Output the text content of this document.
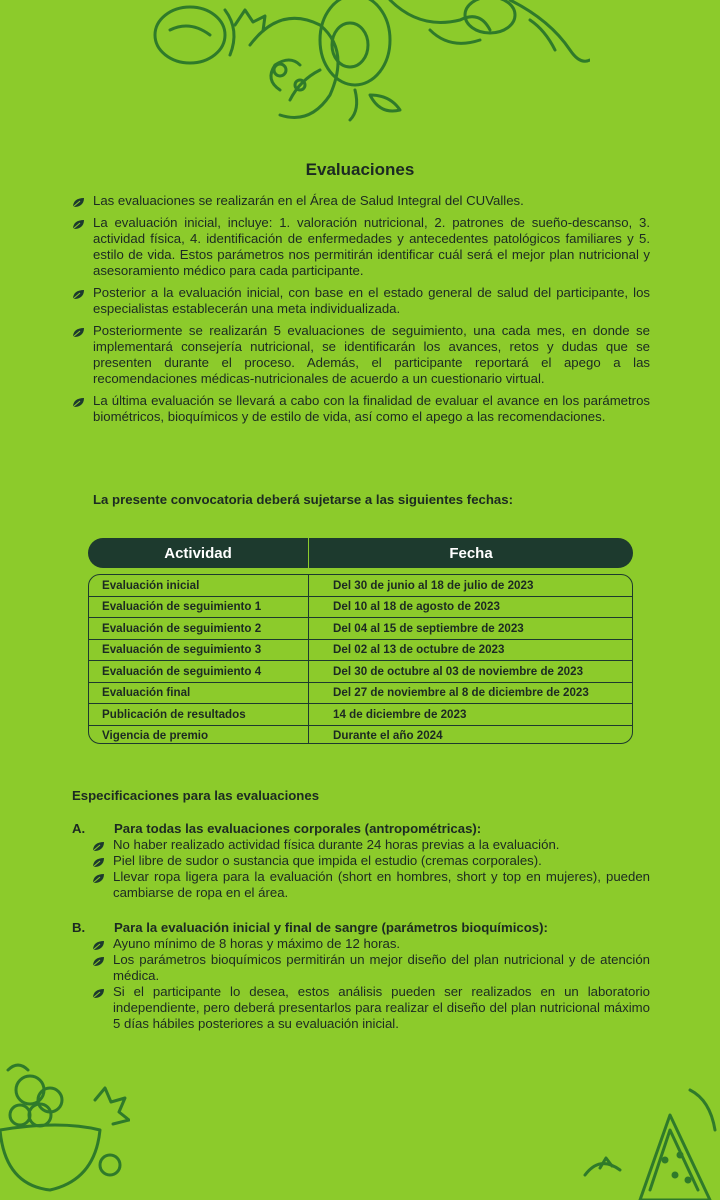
Evaluaciones
Las evaluaciones se realizarán en el Área de Salud Integral del CUValles.
La evaluación inicial, incluye: 1. valoración nutricional, 2. patrones de sueño-descanso, 3. actividad física, 4. identificación de enfermedades y antecedentes patológicos familiares y 5. estilo de vida. Estos parámetros nos permitirán identificar cuál será el mejor plan nutricional y asesoramiento médico para cada participante.
Posterior a la evaluación inicial, con base en el estado general de salud del participante, los especialistas establecerán una meta individualizada.
Posteriormente se realizarán 5 evaluaciones de seguimiento, una cada mes, en donde se implementará consejería nutricional, se identificarán los avances, retos y dudas que se presenten durante el proceso. Además, el participante reportará el apego a las recomendaciones médicas-nutricionales de acuerdo a un cuestionario virtual.
La última evaluación se llevará a cabo con la finalidad de evaluar el avance en los parámetros biométricos, bioquímicos y de estilo de vida, así como el apego a las recomendaciones.
La presente convocatoria deberá sujetarse a las siguientes fechas:
Actividad	Fecha
Evaluación inicial	Del 30 de junio al 18 de julio de 2023
Evaluación de seguimiento 1	Del 10 al 18 de agosto de 2023
Evaluación de seguimiento 2	Del 04 al 15 de septiembre de 2023
Evaluación de seguimiento 3	Del 02 al 13 de octubre de 2023
Evaluación de seguimiento 4	Del 30 de octubre al 03 de noviembre de 2023
Evaluación final	Del 27 de noviembre al 8 de diciembre de 2023
Publicación de resultados	14 de diciembre de 2023
Vigencia de premio	Durante el año 2024
Especificaciones para las evaluaciones
A.	Para todas las evaluaciones corporales (antropométricas):
No haber realizado actividad física durante 24 horas previas a la evaluación.
Piel libre de sudor o sustancia que impida el estudio (cremas corporales).
Llevar ropa ligera para la evaluación (short en hombres, short y top en mujeres), pueden cambiarse de ropa en el área.
B.	Para la evaluación inicial y final de sangre (parámetros bioquímicos):
Ayuno mínimo de 8 horas y máximo de 12 horas.
Los parámetros bioquímicos permitirán un mejor diseño del plan nutricional y de atención médica.
Si el participante lo desea, estos análisis pueden ser realizados en un laboratorio independiente, pero deberá presentarlos para realizar el diseño del plan nutricional máximo 5 días hábiles posteriores a su evaluación inicial.
